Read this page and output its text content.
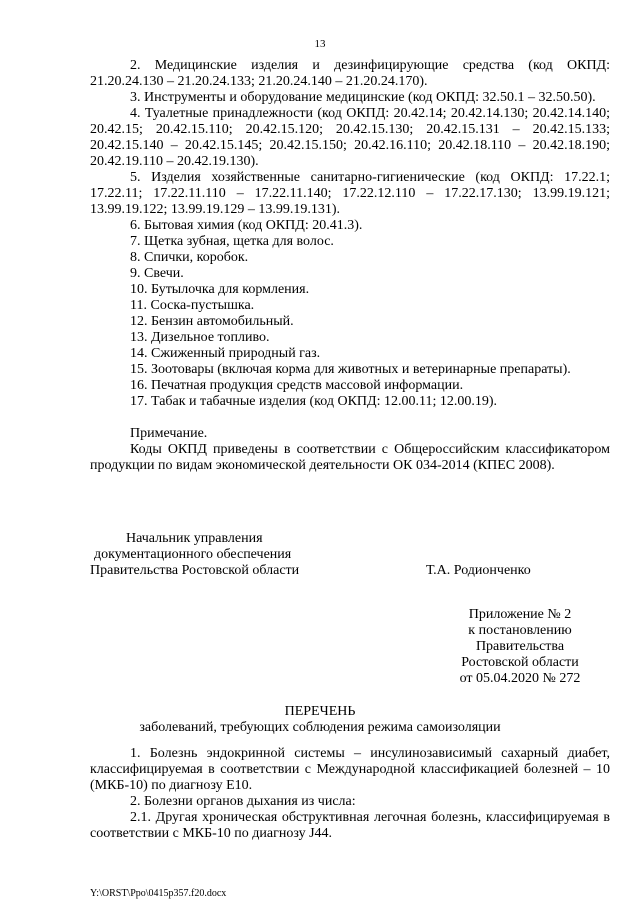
13

2. Медицинские изделия и дезинфицирующие средства (код ОКПД: 21.20.24.130 – 21.20.24.133; 21.20.24.140 – 21.20.24.170).

3. Инструменты и оборудование медицинские (код ОКПД: 32.50.1 – 32.50.50).

4. Туалетные принадлежности (код ОКПД: 20.42.14; 20.42.14.130; 20.42.14.140; 20.42.15; 20.42.15.110; 20.42.15.120; 20.42.15.130; 20.42.15.131 – 20.42.15.133; 20.42.15.140 – 20.42.15.145; 20.42.15.150; 20.42.16.110; 20.42.18.110 – 20.42.18.190; 20.42.19.110 – 20.42.19.130).

5. Изделия хозяйственные санитарно-гигиенические (код ОКПД: 17.22.1; 17.22.11; 17.22.11.110 – 17.22.11.140; 17.22.12.110 – 17.22.17.130; 13.99.19.121; 13.99.19.122; 13.99.19.129 – 13.99.19.131).

6. Бытовая химия (код ОКПД: 20.41.3).

7. Щетка зубная, щетка для волос.

8. Спички, коробок.

9. Свечи.

10. Бутылочка для кормления.

11. Соска-пустышка.

12. Бензин автомобильный.

13. Дизельное топливо.

14. Сжиженный природный газ.

15. Зоотовары (включая корма для животных и ветеринарные препараты).

16. Печатная продукция средств массовой информации.

17. Табак и табачные изделия (код ОКПД: 12.00.11; 12.00.19).

Примечание.

Коды ОКПД приведены в соответствии с Общероссийским классификатором продукции по видам экономической деятельности ОК 034-2014 (КПЕС 2008).

Начальник управления
документационного обеспечения
Правительства Ростовской области	Т.А. Родионченко
Приложение № 2
к постановлению
Правительства
Ростовской области
от 05.04.2020 № 272
ПЕРЕЧЕНЬ
заболеваний, требующих соблюдения режима самоизоляции

1. Болезнь эндокринной системы – инсулинозависимый сахарный диабет, классифицируемая в соответствии с Международной классификацией болезней – 10 (МКБ-10) по диагнозу Е10.

2. Болезни органов дыхания из числа:

2.1. Другая хроническая обструктивная легочная болезнь, классифицируемая в соответствии с МКБ-10 по диагнозу J44.

Y:\ORST\Ppo\0415p357.f20.docx
